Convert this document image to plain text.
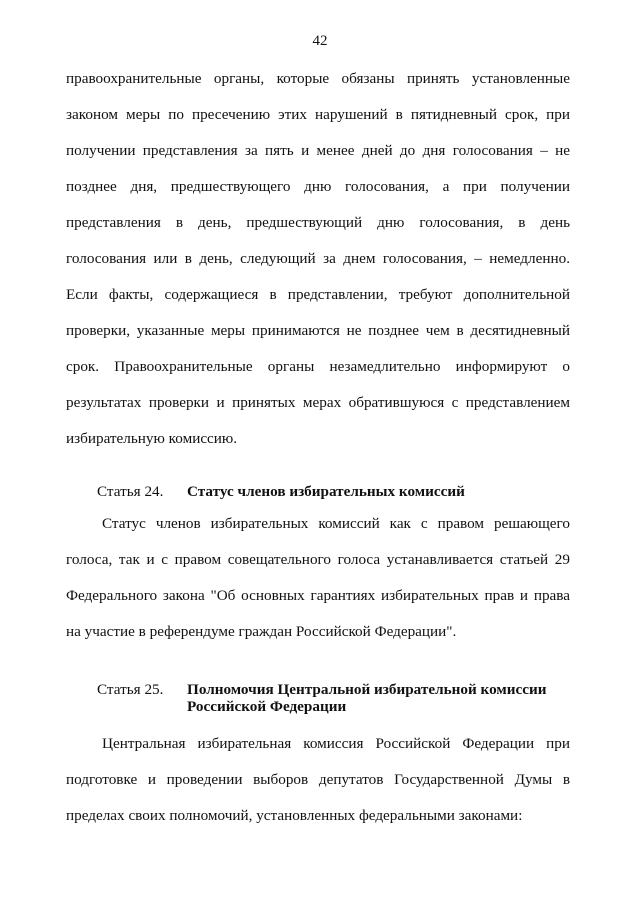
42

правоохранительные органы, которые обязаны принять установленные законом меры по пресечению этих нарушений в пятидневный срок, при получении представления за пять и менее дней до дня голосования – не позднее дня, предшествующего дню голосования, а при получении представления в день, предшествующий дню голосования, в день голосования или в день, следующий за днем голосования, – немедленно. Если факты, содержащиеся в представлении, требуют дополнительной проверки, указанные меры принимаются не позднее чем в десятидневный срок. Правоохранительные органы незамедлительно информируют о результатах проверки и принятых мерах обратившуюся с представлением избирательную комиссию.

Статья 24.	Статус членов избирательных комиссий

Статус членов избирательных комиссий как с правом решающего голоса, так и с правом совещательного голоса устанавливается статьей 29 Федерального закона "Об основных гарантиях избирательных прав и права на участие в референдуме граждан Российской Федерации".

Статья 25.	Полномочия Центральной избирательной комиссии Российской Федерации

Центральная избирательная комиссия Российской Федерации при подготовке и проведении выборов депутатов Государственной Думы в пределах своих полномочий, установленных федеральными законами:
